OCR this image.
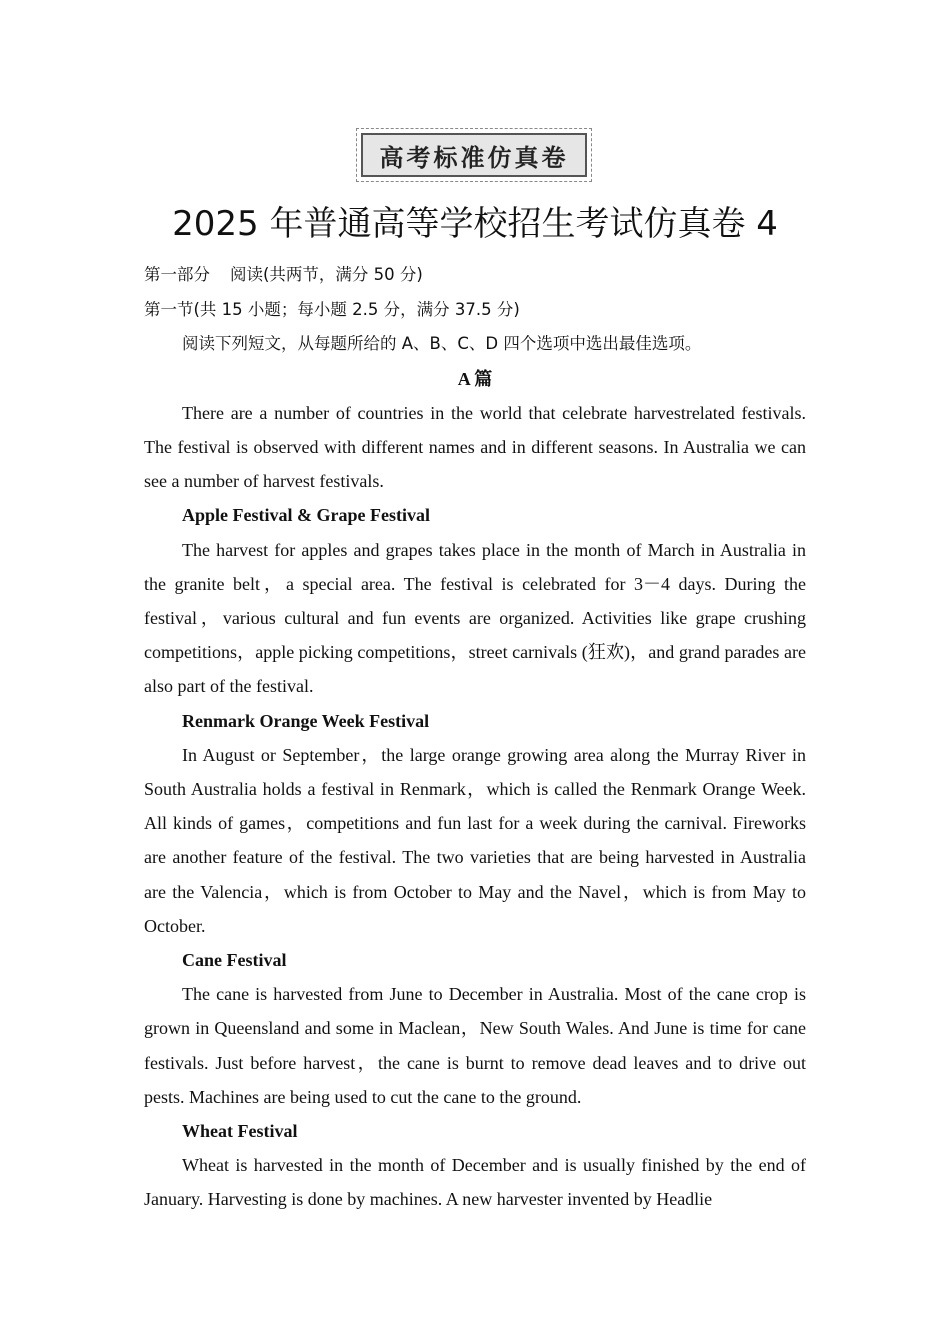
高考标准仿真卷
2025 年普通高等学校招生考试仿真卷 4

第一部分 阅读(共两节，满分 50 分)

第一节(共 15 小题；每小题 2.5 分，满分 37.5 分)

阅读下列短文，从每题所给的 A、B、C、D 四个选项中选出最佳选项。

A 篇

There are a number of countries in the world that celebrate harvestrelated festivals. The festival is observed with different names and in different seasons. In Australia we can see a number of harvest festivals.

Apple Festival & Grape Festival

The harvest for apples and grapes takes place in the month of March in Australia in the granite belt，a special area. The festival is celebrated for 3－4 days. During the festival，various cultural and fun events are organized. Activities like grape crushing competitions，apple picking competitions，street carnivals (狂欢)，and grand parades are also part of the festival.

Renmark Orange Week Festival

In August or September，the large orange growing area along the Murray River in South Australia holds a festival in Renmark，which is called the Renmark Orange Week. All kinds of games，competitions and fun last for a week during the carnival. Fireworks are another feature of the festival. The two varieties that are being harvested in Australia are the Valencia，which is from October to May and the Navel，which is from May to October.

Cane Festival

The cane is harvested from June to December in Australia. Most of the cane crop is grown in Queensland and some in Maclean，New South Wales. And June is time for cane festivals. Just before harvest，the cane is burnt to remove dead leaves and to drive out pests. Machines are being used to cut the cane to the ground.

Wheat Festival

Wheat is harvested in the month of December and is usually finished by the end of January. Harvesting is done by machines. A new harvester invented by Headlie
